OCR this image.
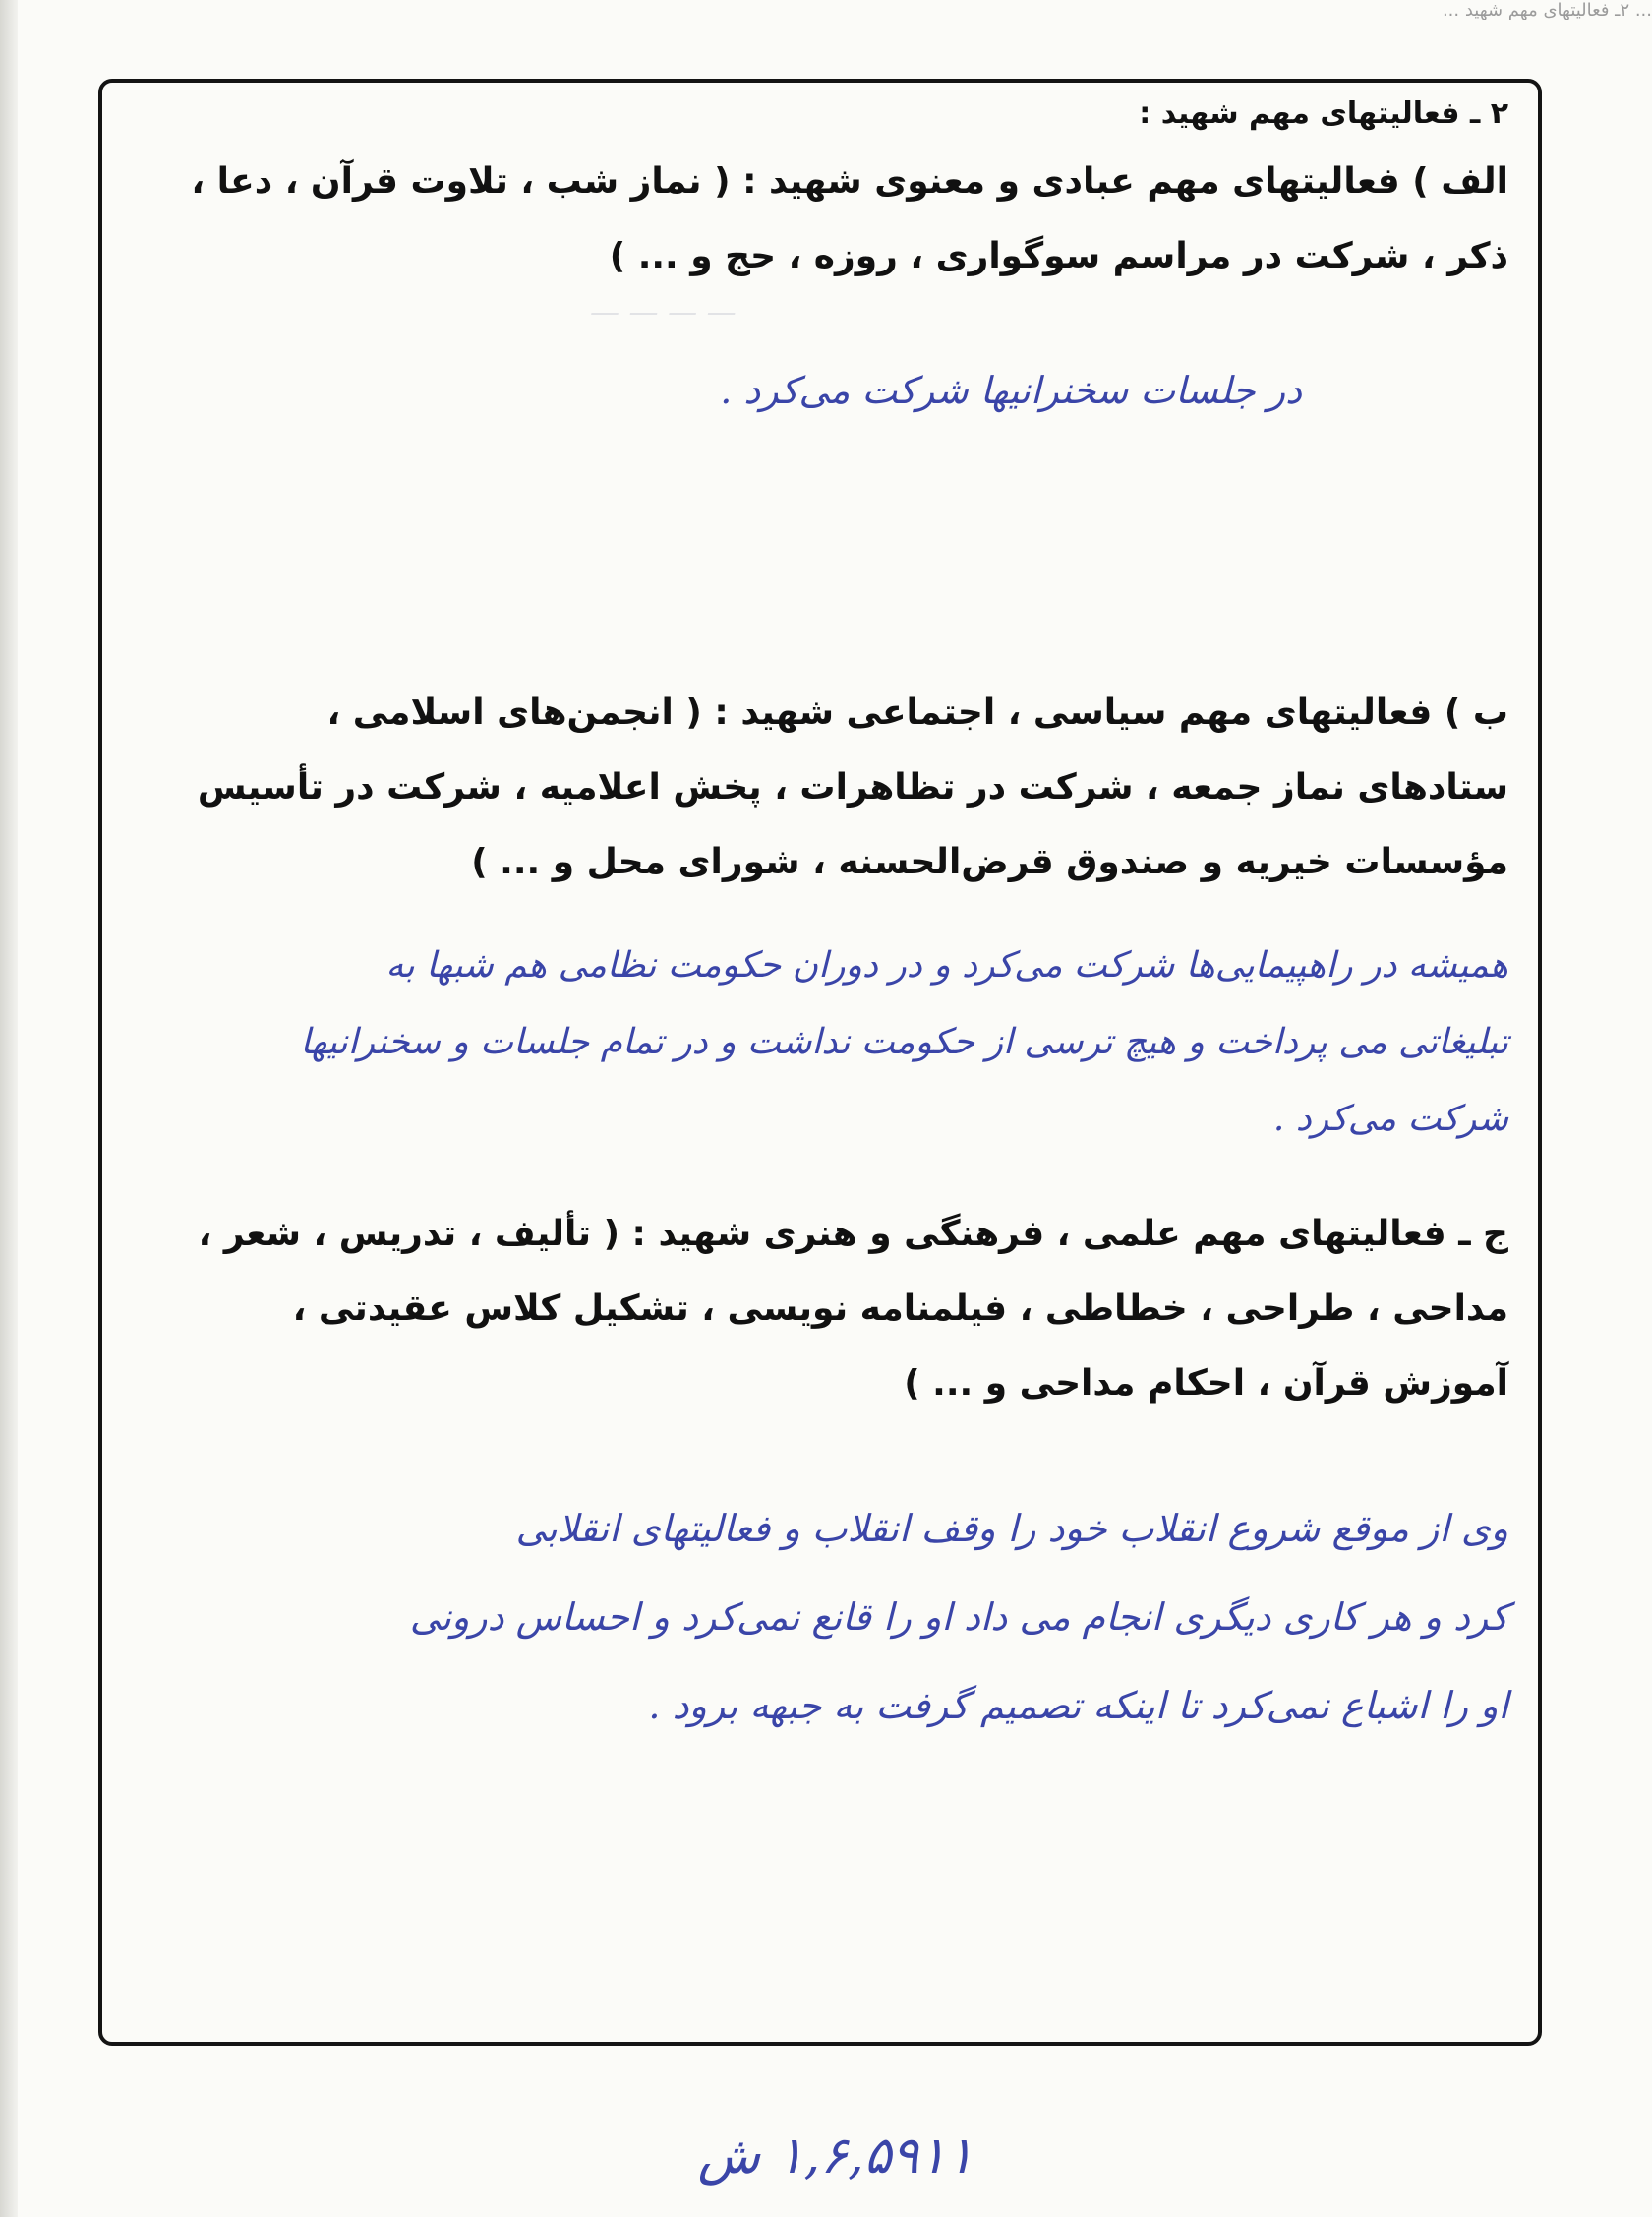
... ۲ـ فعالیتهای مهم شهید ...
— — — —
۲ ـ فعالیتهای مهم شهید :

الف ) فعالیتهای مهم عبادی و معنوی شهید : ( نماز شب ، تلاوت قرآن ، دعا ،

ذکر ، شرکت در مراسم سوگواری ، روزه ، حج و ... )

در جلسات سخنرانیها شرکت می‌کرد .

ب ) فعالیتهای مهم سیاسی ، اجتماعی شهید : ( انجمن‌های اسلامی ،

ستادهای نماز جمعه ، شرکت در تظاهرات ، پخش اعلامیه ، شرکت در تأسیس

مؤسسات خیریه و صندوق قرض‌الحسنه ، شورای محل و ... )

همیشه در راهپیمایی‌ها شرکت می‌کرد و در دوران حکومت نظامی هم شبها به
تبلیغاتی می پرداخت و هیچ ترسی از حکومت نداشت و در تمام جلسات و سخنرانیها
شرکت می‌کرد .

ج ـ فعالیتهای مهم علمی ، فرهنگی و هنری شهید : ( تألیف ، تدریس ، شعر ،

مداحی ، طراحی ، خطاطی ، فیلمنامه نویسی ، تشکیل کلاس عقیدتی ،

آموزش قرآن ، احکام مداحی و ... )

وی از موقع شروع انقلاب خود را وقف انقلاب و فعالیتهای انقلابی
کرد و هر کاری دیگری انجام می داد او را قانع نمی‌کرد و احساس درونی
او را اشباع نمی‌کرد تا اینکه تصمیم گرفت به جبهه برود .
۱,۶,۵۹۱۱ ش
